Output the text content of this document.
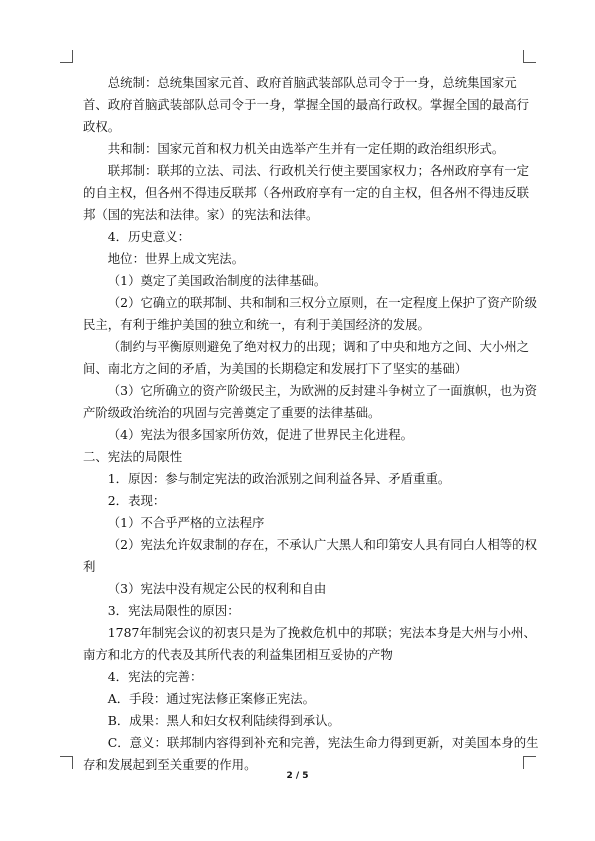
总统制：总统集国家元首、政府首脑武装部队总司令于一身，总统集国家元首、政府首脑武装部队总司令于一身，掌握全国的最高行政权。掌握全国的最高行政权。

共和制：国家元首和权力机关由选举产生并有一定任期的政治组织形式。

联邦制：联邦的立法、司法、行政机关行使主要国家权力；各州政府享有一定的自主权，但各州不得违反联邦（各州政府享有一定的自主权，但各州不得违反联邦（国的宪法和法律。家）的宪法和法律。

4．历史意义：

地位：世界上成文宪法。

（1）奠定了美国政治制度的法律基础。

（2）它确立的联邦制、共和制和三权分立原则，在一定程度上保护了资产阶级民主，有利于维护美国的独立和统一，有利于美国经济的发展。

（制约与平衡原则避免了绝对权力的出现；调和了中央和地方之间、大小州之间、南北方之间的矛盾，为美国的长期稳定和发展打下了坚实的基础）

（3）它所确立的资产阶级民主，为欧洲的反封建斗争树立了一面旗帜，也为资产阶级政治统治的巩固与完善奠定了重要的法律基础。

（4）宪法为很多国家所仿效，促进了世界民主化进程。

二、宪法的局限性

1．原因：参与制定宪法的政治派别之间利益各异、矛盾重重。

2．表现：

（1）不合乎严格的立法程序

（2）宪法允许奴隶制的存在，不承认广大黑人和印第安人具有同白人相等的权利

（3）宪法中没有规定公民的权利和自由

3．宪法局限性的原因：

1787年制宪会议的初衷只是为了挽救危机中的邦联；宪法本身是大州与小州、南方和北方的代表及其所代表的利益集团相互妥协的产物

4．宪法的完善：

A．手段：通过宪法修正案修正宪法。

B．成果：黑人和妇女权利陆续得到承认。

C．意义：联邦制内容得到补充和完善，宪法生命力得到更新，对美国本身的生存和发展起到至关重要的作用。

2 / 5
